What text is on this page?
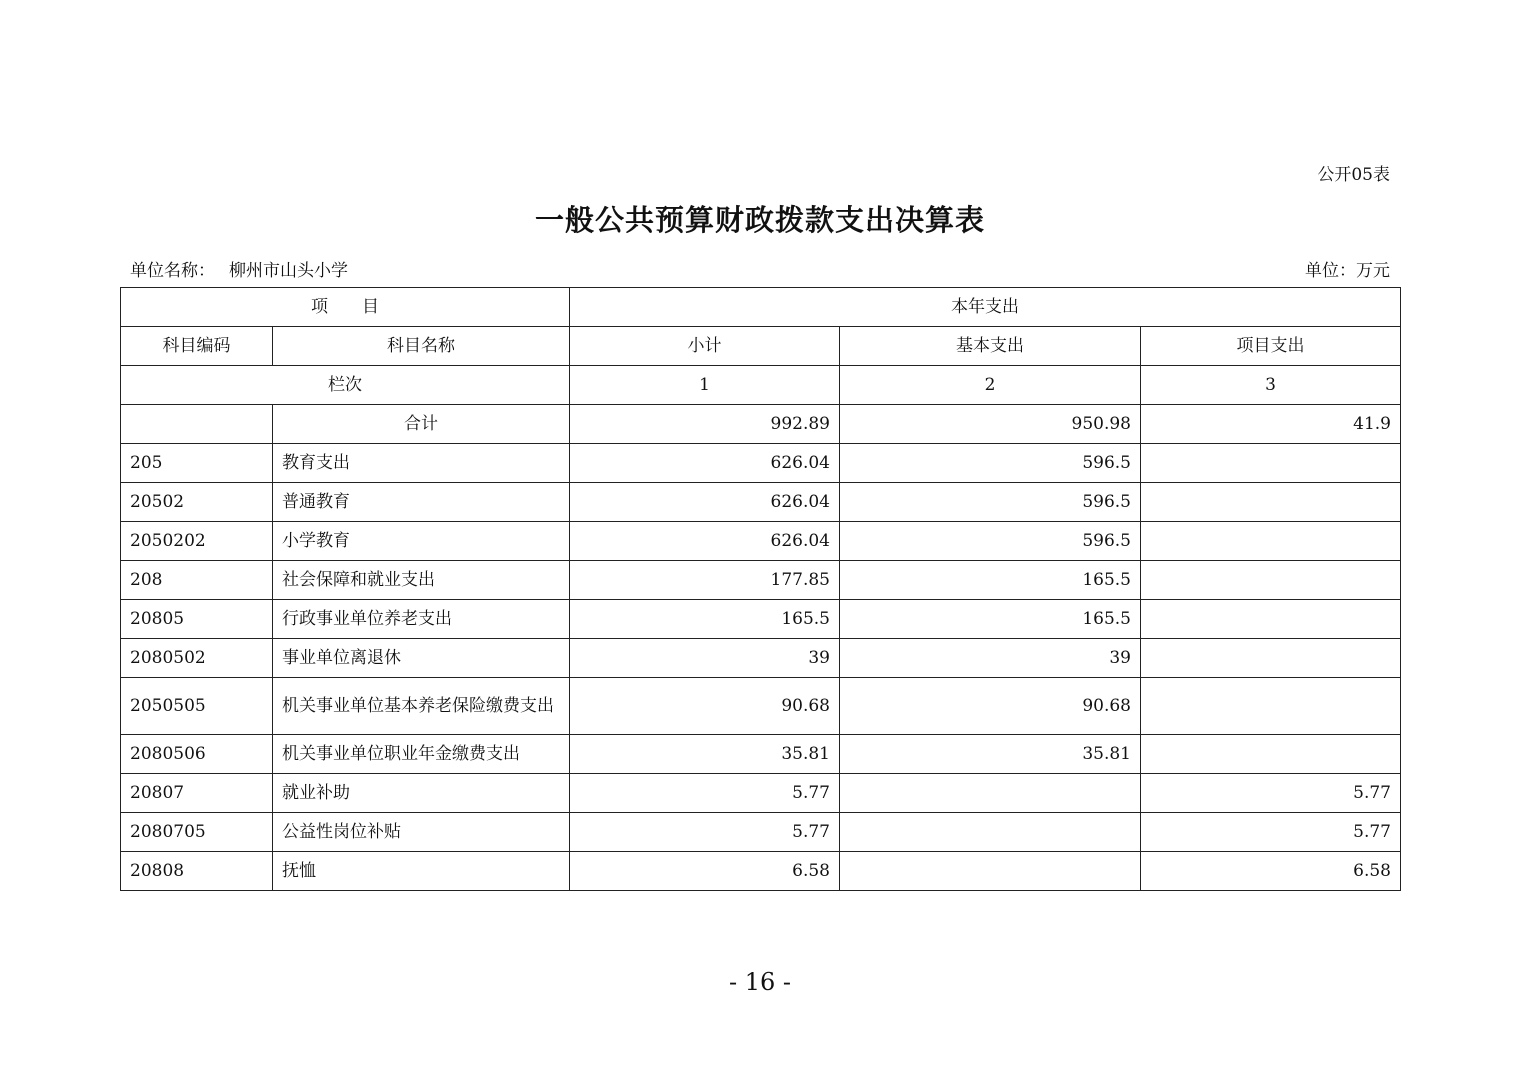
公开05表
一般公共预算财政拨款支出决算表
单位名称： 柳州市山头小学	单位：万元
项　　目		本年支出		
科目编码	科目名称	小计	基本支出	项目支出
栏次		1	2	3
	合计	992.89	950.98	41.9
205	教育支出	626.04	596.5	
20502	普通教育	626.04	596.5	
2050202	小学教育	626.04	596.5	
208	社会保障和就业支出	177.85	165.5	
20805	行政事业单位养老支出	165.5	165.5	
2080502	事业单位离退休	39	39	
2050505	机关事业单位基本养老保险缴费支出	90.68	90.68	
2080506	机关事业单位职业年金缴费支出	35.81	35.81	
20807	就业补助	5.77		5.77
2080705	公益性岗位补贴	5.77		5.77
20808	抚恤	6.58		6.58
- 16 -
